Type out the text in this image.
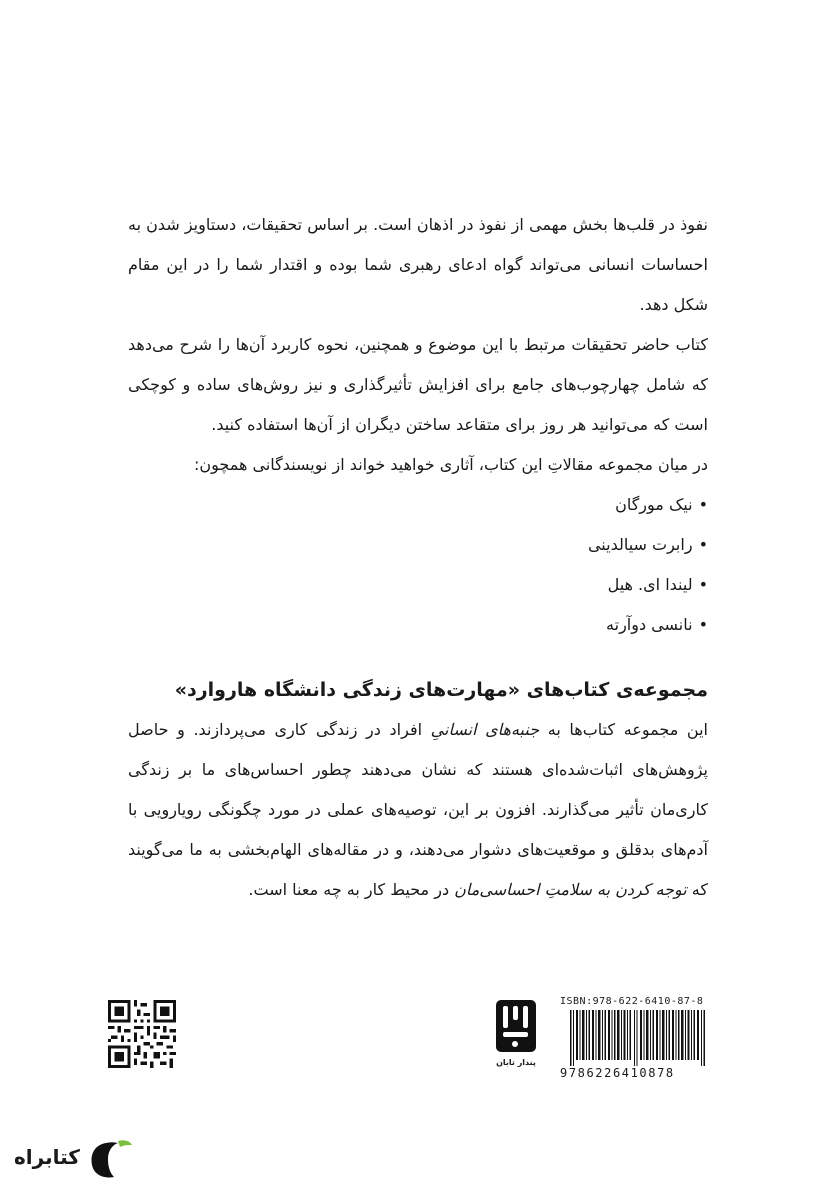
نفوذ در قلب‌ها بخش مهمی از نفوذ در اذهان است. بر اساس تحقیقات، دستاویز شدن به احساسات انسانی می‌تواند گواه ادعای رهبری شما بوده و اقتدار شما را در این مقام شکل دهد.

کتاب حاضر تحقیقات مرتبط با این موضوع و همچنین، نحوه کاربرد آن‌ها را شرح می‌دهد که شامل چهارچوب‌های جامع برای افزایش تأثیرگذاری و نیز روش‌های ساده و کوچکی است که می‌توانید هر روز برای متقاعد ساختن دیگران از آن‌ها استفاده کنید.

در میان مجموعه مقالاتِ این کتاب، آثاری خواهید خواند از نویسندگانی همچون:

•نیک مورگان
•رابرت سیالدینی
•لیندا ای. هیل
•نانسی دوآرته
مجموعه‌ی کتاب‌های «مهارت‌های زندگی دانشگاه هاروارد»

این مجموعه کتاب‌ها به جنبه‌های انسانیِ افراد در زندگی کاری می‌پردازند. و حاصل پژوهش‌های اثبات‌شده‌ای هستند که نشان می‌دهند چطور احساس‌های ما بر زندگی کاری‌مان تأثیر می‌گذارند. افزون بر این، توصیه‌های عملی در مورد چگونگی رویارویی با آدم‌های بدقلق و موقعیت‌های دشوار می‌دهند، و در مقاله‌های الهام‌بخشی به ما می‌گویند که توجه کردن به سلامتِ احساسی‌مان در محیط کار به چه معنا است.

پندار تابان
ISBN:978-622-6410-87-8
9786226410878
کتابراه
